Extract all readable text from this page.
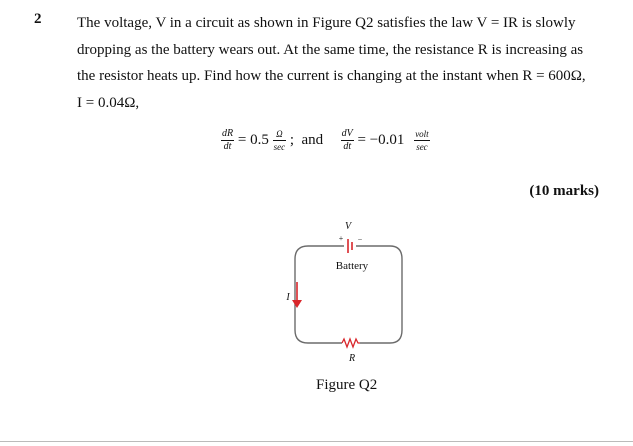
2 The voltage, V in a circuit as shown in Figure Q2 satisfies the law V = IR is slowly

dropping as the battery wears out. At the same time, the resistance R is increasing as

the resistor heats up. Find how the current is changing at the instant when R = 600Ω,

I = 0.04Ω,

$\frac{dR}{dt} = 0.5 \frac{\Omega}{\sec}$ ;  and $\frac{dV}{dt} = -0.01 \frac{\text{volt}}{\sec}$
(10 marks)
V
+ −
Battery
I
R
Figure Q2
